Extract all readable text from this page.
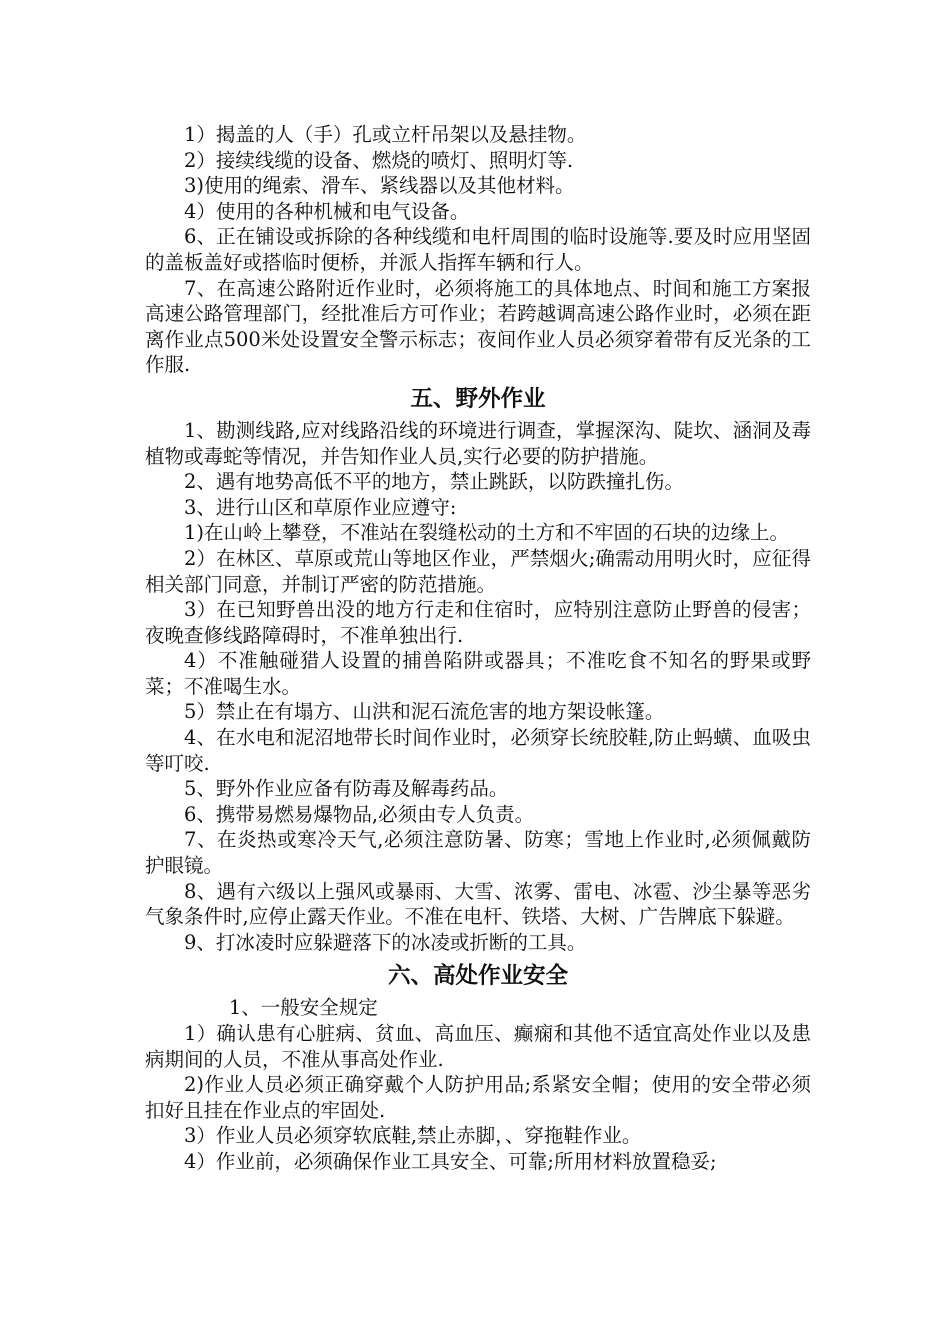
1）揭盖的人（手）孔或立杆吊架以及悬挂物。

2）接续线缆的设备、燃烧的喷灯、照明灯等.

3)使用的绳索、滑车、紧线器以及其他材料。

4）使用的各种机械和电气设备。

6、正在铺设或拆除的各种线缆和电杆周围的临时设施等.要及时应用坚固的盖板盖好或搭临时便桥，并派人指挥车辆和行人。

7、在高速公路附近作业时，必须将施工的具体地点、时间和施工方案报高速公路管理部门，经批准后方可作业；若跨越调高速公路作业时，必须在距离作业点500米处设置安全警示标志；夜间作业人员必须穿着带有反光条的工作服.

五、野外作业

1、勘测线路,应对线路沿线的环境进行调查，掌握深沟、陡坎、涵洞及毒植物或毒蛇等情况，并告知作业人员,实行必要的防护措施。

2、遇有地势高低不平的地方，禁止跳跃，以防跌撞扎伤。

3、进行山区和草原作业应遵守:

1)在山岭上攀登，不准站在裂缝松动的土方和不牢固的石块的边缘上。

2）在林区、草原或荒山等地区作业，严禁烟火;确需动用明火时，应征得相关部门同意，并制订严密的防范措施。

3）在已知野兽出没的地方行走和住宿时，应特别注意防止野兽的侵害；夜晚查修线路障碍时，不准单独出行.

4）不准触碰猎人设置的捕兽陷阱或器具；不准吃食不知名的野果或野菜；不准喝生水。

5）禁止在有塌方、山洪和泥石流危害的地方架设帐篷。

4、在水电和泥沼地带长时间作业时，必须穿长统胶鞋,防止蚂蟥、血吸虫等叮咬.

5、野外作业应备有防毒及解毒药品。

6、携带易燃易爆物品,必须由专人负责。

7、在炎热或寒冷天气,必须注意防暑、防寒；雪地上作业时,必须佩戴防护眼镜。

8、遇有六级以上强风或暴雨、大雪、浓雾、雷电、冰雹、沙尘暴等恶劣气象条件时,应停止露天作业。不准在电杆、铁塔、大树、广告牌底下躲避。

9、打冰凌时应躲避落下的冰凌或折断的工具。

六、高处作业安全

1、一般安全规定

1）确认患有心脏病、贫血、高血压、癫痫和其他不适宜高处作业以及患病期间的人员，不准从事高处作业.

2)作业人员必须正确穿戴个人防护用品;系紧安全帽；使用的安全带必须扣好且挂在作业点的牢固处.

3）作业人员必须穿软底鞋,禁止赤脚，、穿拖鞋作业。

4）作业前，必须确保作业工具安全、可靠;所用材料放置稳妥;
